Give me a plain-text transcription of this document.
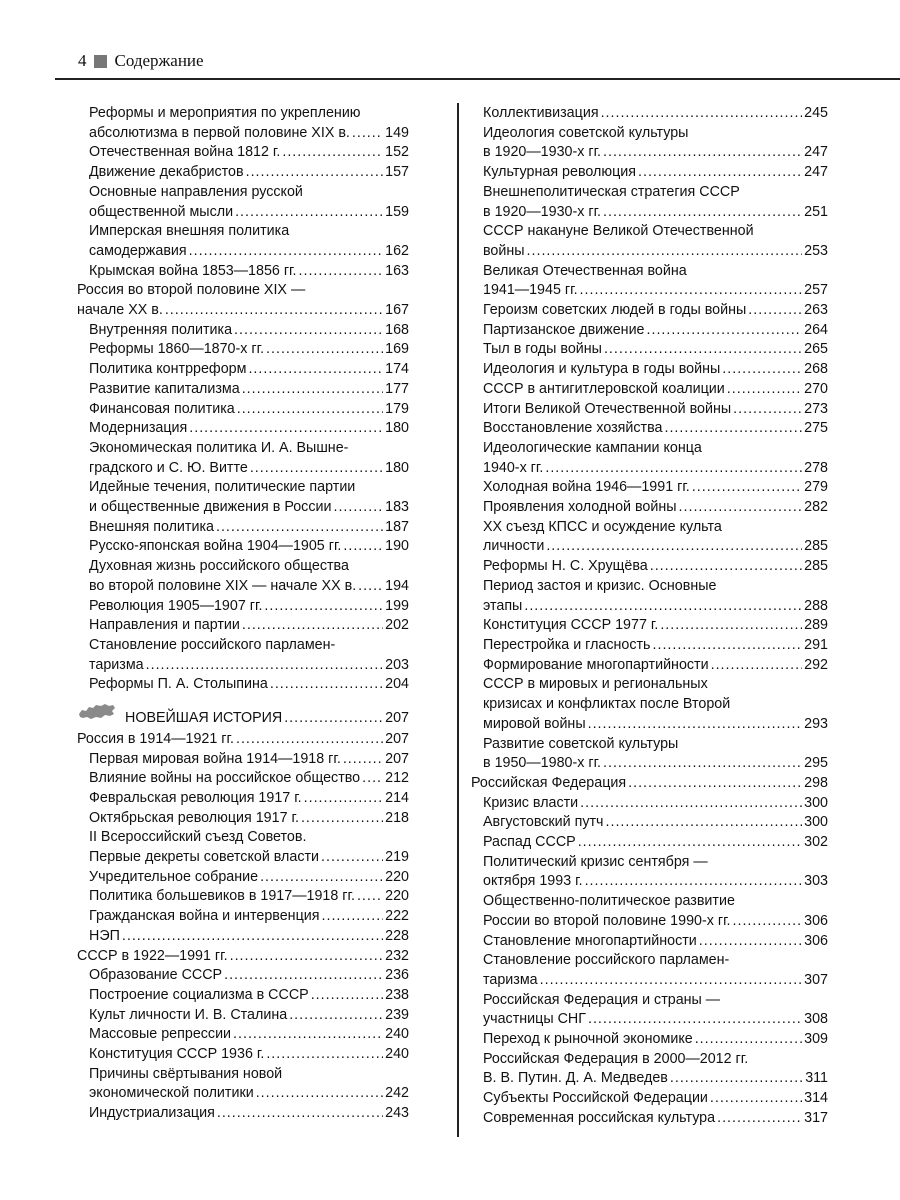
4 Содержание
Реформы и мероприятия по укреплению
абсолютизма в первой половине XIX в. ..... 149
Отечественная война 1812 г. .....	152
Движение декабристов .....	157
Основные направления русской
общественной мысли .....	159
Имперская внешняя политика
самодержавия .....	162
Крымская война 1853—1856 гг. .....	163
Россия во второй половине XIX —
начале XX в. .....	167
Внутренняя политика .....	168
Реформы 1860—1870-х гг. .....	169
Политика контрреформ .....	174
Развитие капитализма .....	177
Финансовая политика .....	179
Модернизация .....	180
Экономическая политика И. А. Вышне-
градского и С. Ю. Витте .....	180
Идейные течения, политические партии
и общественные движения в России .....	183
Внешняя политика .....	187
Русско-японская война 1904—1905 гг. .....	190
Духовная жизнь российского общества
во второй половине XIX — начале XX в. ..... 194
Революция 1905—1907 гг. .....	199
Направления и партии .....	202
Становление российского парламен-
таризма .....	203
Реформы П. А. Столыпина .....	204
НОВЕЙШАЯ ИСТОРИЯ .....	207
Россия в 1914—1921 гг. .....	207
Первая мировая война 1914—1918 гг. .....	207
Влияние войны на российское общество ..... 212
Февральская революция 1917 г. .....	214
Октябрьская революция 1917 г. .....	218
II Всероссийский съезд Советов.
Первые декреты советской власти .....	219
Учредительное собрание .....	220
Политика большевиков в 1917—1918 гг. ..... 220
Гражданская война и интервенция .....	222
НЭП .....	228
СССР в 1922—1991 гг. .....	232
Образование СССР .....	236
Построение социализма в СССР .....	238
Культ личности И. В. Сталина .....	239
Массовые репрессии .....	240
Конституция СССР 1936 г. .....	240
Причины свёртывания новой
экономической политики .....	242
Индустриализация .....	243
Коллективизация .....	245
Идеология советской культуры
в 1920—1930-х гг. .....	247
Культурная революция .....	247
Внешнеполитическая стратегия СССР
в 1920—1930-х гг. .....	251
СССР накануне Великой Отечественной
войны .....	253
Великая Отечественная война
1941—1945 гг. .....	257
Героизм советских людей в годы войны .....	263
Партизанское движение .....	264
Тыл в годы войны .....	265
Идеология и культура в годы войны .....	268
СССР в антигитлеровской коалиции .....	270
Итоги Великой Отечественной войны .....	273
Восстановление хозяйства .....	275
Идеологические кампании конца
1940-х гг. .....	278
Холодная война 1946—1991 гг. .....	279
Проявления холодной войны .....	282
XX съезд КПСС и осуждение культа
личности .....	285
Реформы Н. С. Хрущёва .....	285
Период застоя и кризис. Основные
этапы .....	288
Конституция СССР 1977 г. .....	289
Перестройка и гласность .....	291
Формирование многопартийности .....	292
СССР в мировых и региональных
кризисах и конфликтах после Второй
мировой войны .....	293
Развитие советской культуры
в 1950—1980-х гг. .....	295
Российская Федерация .....	298
Кризис власти .....	300
Августовский путч .....	300
Распад СССР .....	302
Политический кризис сентября —
октября 1993 г. .....	303
Общественно-политическое развитие
России во второй половине 1990-х гг. .....	306
Становление многопартийности .....	306
Становление российского парламен-
таризма .....	307
Российская Федерация и страны —
участницы СНГ .....	308
Переход к рыночной экономике .....	309
Российская Федерация в 2000—2012 гг.
В. В. Путин. Д. А. Медведев .....	311
Субъекты Российской Федерации .....	314
Современная российская культура .....	317
